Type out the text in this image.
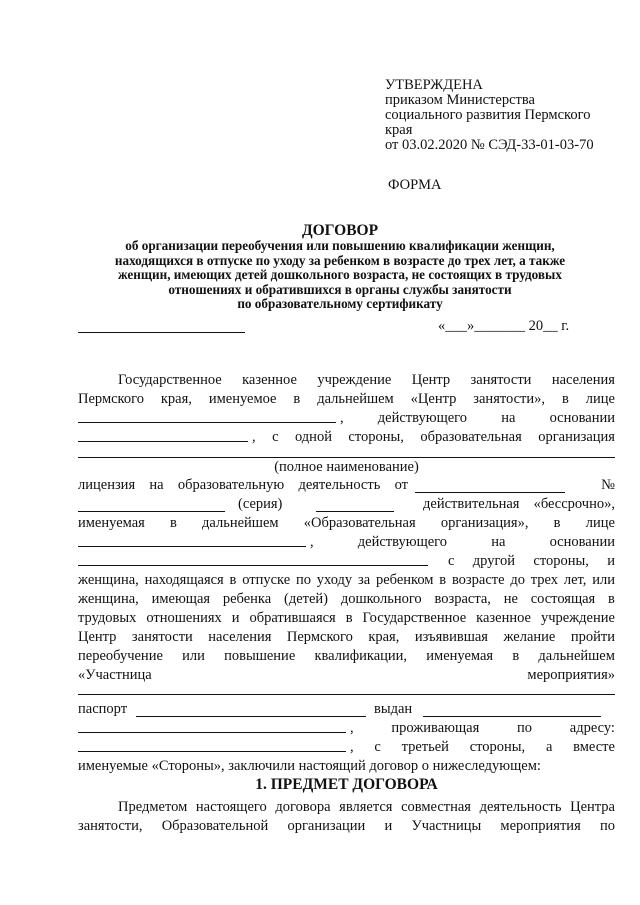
УТВЕРЖДЕНА
приказом Министерства
социального развития Пермского
края
от 03.02.2020 № СЭД-33-01-03-70
ФОРМА
ДОГОВОР
об организации переобучения или повышению квалификации женщин,
находящихся в отпуске по уходу за ребенком в возрасте до трех лет, а также
женщин, имеющих детей дошкольного возраста, не состоящих в трудовых
отношениях и обратившихся в органы службы занятости
по образовательному сертификату
«___»_______ 20__ г.
Государственное казенное учреждение Центр занятости населения
Пермского края, именуемое в дальнейшем «Центр занятости», в лице
, действующего на основании
, с одной стороны, образовательная организация
(полное наименование)
лицензия на образовательную деятельность от	№
(серия)	действительная «бессрочно»,
именуемая в дальнейшем «Образовательная организация», в лице
,	действующего	на	основании
с другой стороны, и
женщина, находящаяся в отпуске по уходу за ребенком в возрасте до трех лет, или
женщина, имеющая ребенка (детей) дошкольного возраста, не состоящая в
трудовых отношениях и обратившаяся в Государственное казенное учреждение
Центр занятости населения Пермского края, изъявившая желание пройти
переобучение или повышение квалификации, именуемая в дальнейшем
«Участница	мероприятия»
паспорт	выдан
,	проживающая	по	адресу:
, с третьей стороны, а вместе
именуемые «Стороны», заключили настоящий договор о нижеследующем:
1. ПРЕДМЕТ ДОГОВОРА
Предметом настоящего договора является совместная деятельность Центра
занятости, Образовательной организации и Участницы мероприятия по
